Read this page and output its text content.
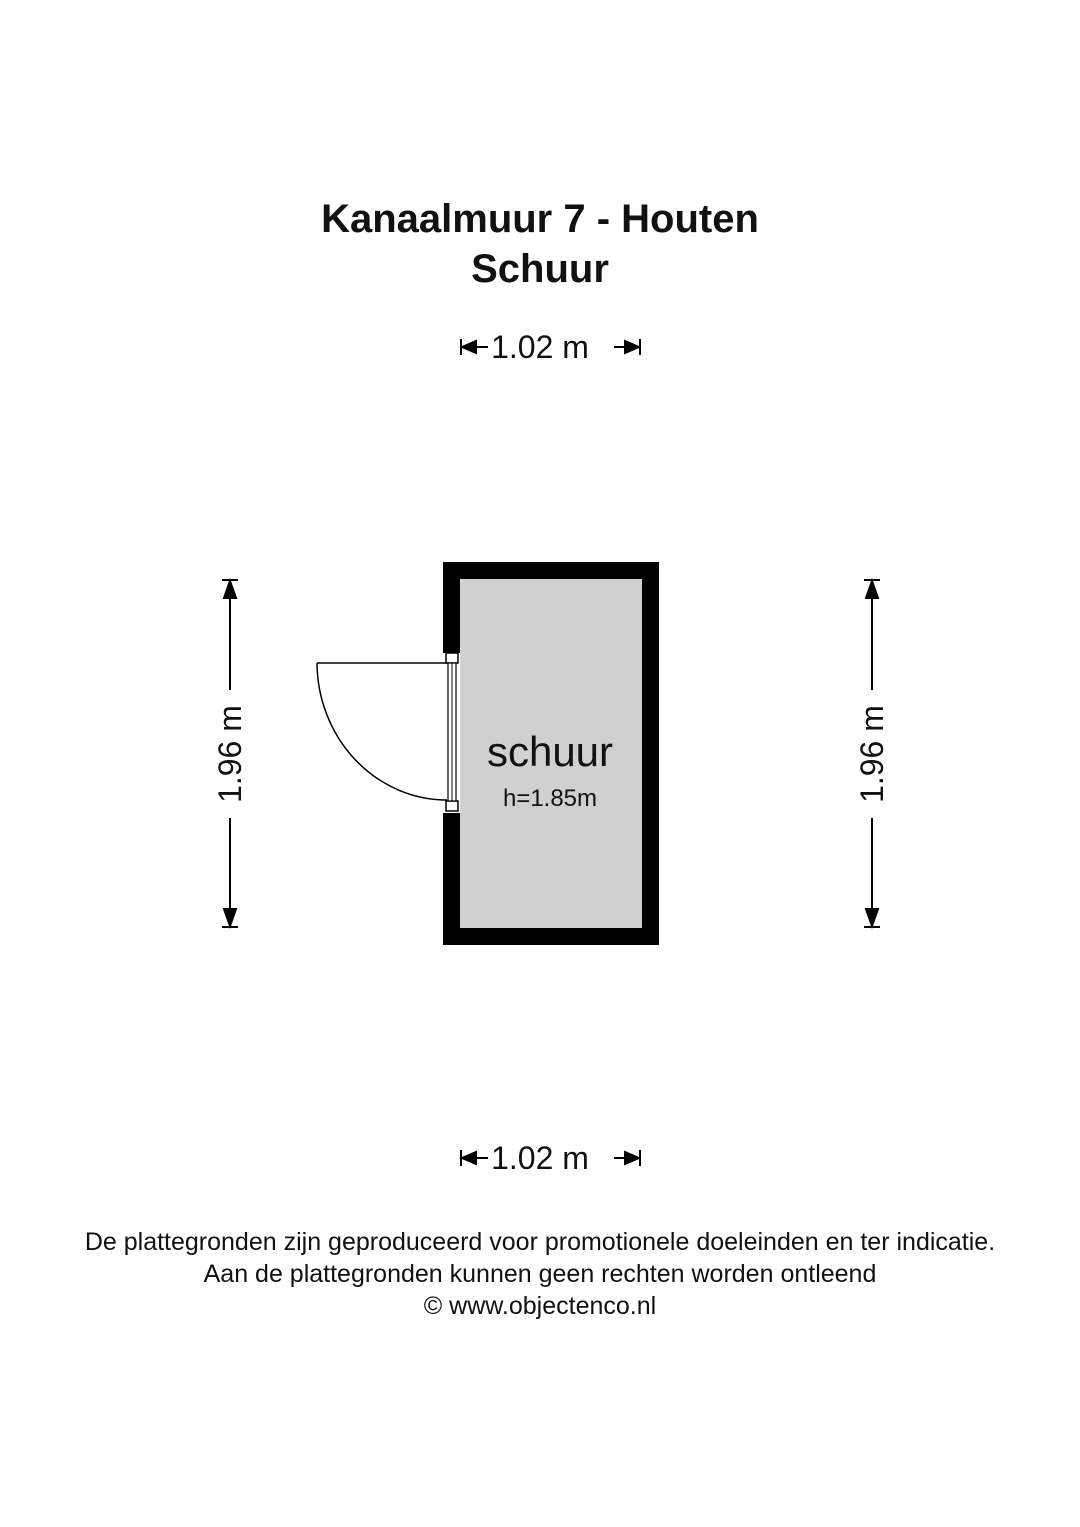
Kanaalmuur 7 - Houten
Schuur
1.02 m
1.02 m
1.96 m	1.96 m
schuur
h=1.85m
De plattegronden zijn geproduceerd voor promotionele doeleinden en ter indicatie.
Aan de plattegronden kunnen geen rechten worden ontleend
© www.objectenco.nl
